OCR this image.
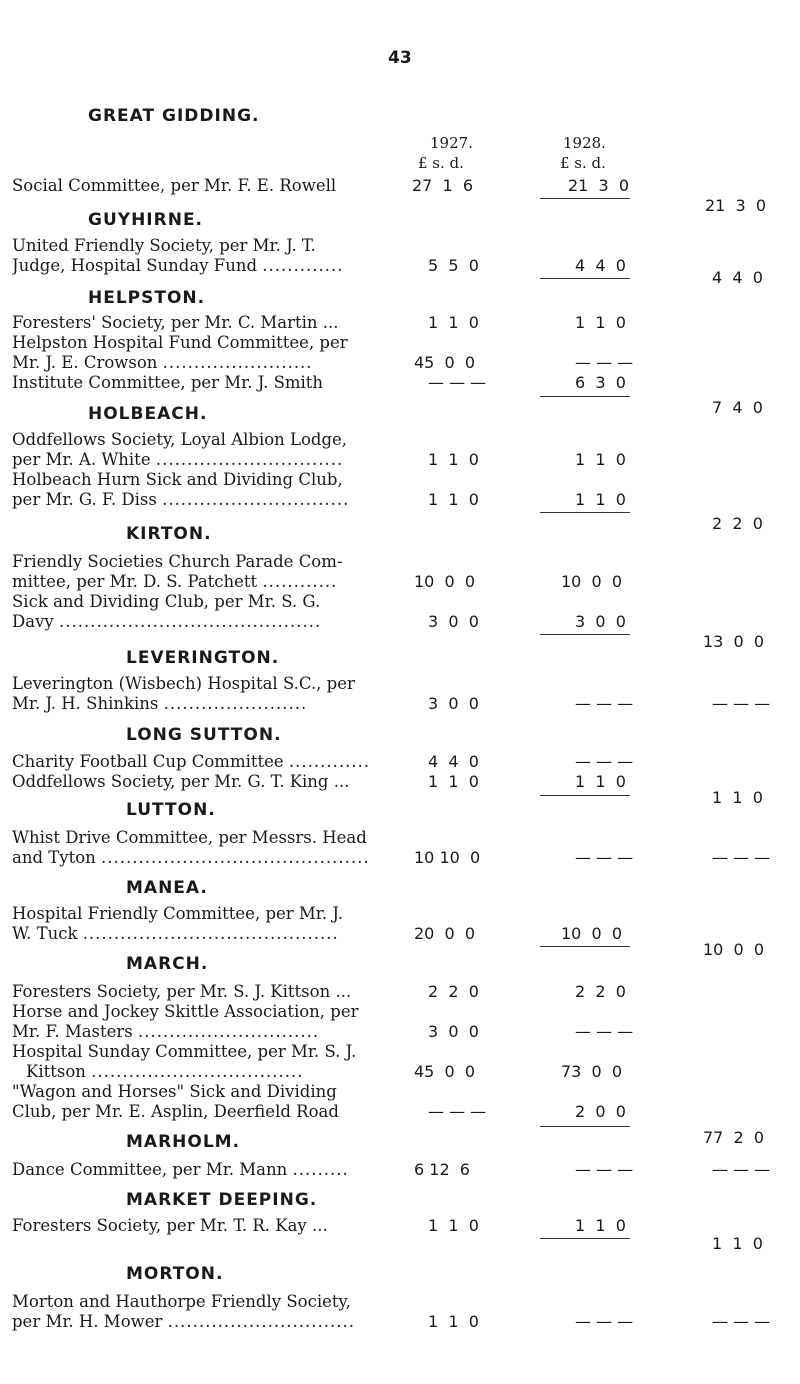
43
GREAT GIDDING.
1927.	1928.
£ s. d.	£ s. d.
Social Committee, per Mr. F. E. Rowell	27  1  6	21  3  0
21  3  0
GUYHIRNE.
United Friendly Society, per Mr. J. T.
Judge, Hospital Sunday Fund .............	5  5  0	4  4  0
4  4  0
HELPSTON.
Foresters' Society, per Mr. C. Martin ...	1  1  0	1  1  0
Helpston Hospital Fund Committee, per
Mr. J. E. Crowson ........................	45  0  0	— — —
Institute Committee, per Mr. J. Smith	— — —	6  3  0
7  4  0
HOLBEACH.
Oddfellows Society, Loyal Albion Lodge,
per Mr. A. White ..............................	1  1  0	1  1  0
Holbeach Hurn Sick and Dividing Club,
per Mr. G. F. Diss ..............................	1  1  0	1  1  0
2  2  0
KIRTON.
Friendly Societies Church Parade Com-
mittee, per Mr. D. S. Patchett ............	10  0  0	10  0  0
Sick and Dividing Club, per Mr. S. G.
Davy ..........................................	3  0  0	3  0  0
13  0  0
LEVERINGTON.
Leverington (Wisbech) Hospital S.C., per
Mr. J. H. Shinkins .......................	3  0  0	— — —	— — —
LONG SUTTON.
Charity Football Cup Committee .............	4  4  0	— — —
Oddfellows Society, per Mr. G. T. King ...	1  1  0	1  1  0
1  1  0
LUTTON.
Whist Drive Committee, per Messrs. Head
and Tyton ...........................................	10 10  0	— — —	— — —
MANEA.
Hospital Friendly Committee, per Mr. J.
W. Tuck .........................................	20  0  0	10  0  0
10  0  0
MARCH.
Foresters Society, per Mr. S. J. Kittson ...	2  2  0	2  2  0
Horse and Jockey Skittle Association, per
Mr. F. Masters .............................	3  0  0	— — —
Hospital Sunday Committee, per Mr. S. J.
Kittson ..................................	45  0  0	73  0  0
"Wagon and Horses" Sick and Dividing
Club, per Mr. E. Asplin, Deerfield Road	— — —	2  0  0
77  2  0
MARHOLM.
Dance Committee, per Mr. Mann .........	6 12  6	— — —	— — —
MARKET DEEPING.
Foresters Society, per Mr. T. R. Kay ...	1  1  0	1  1  0
1  1  0
MORTON.
Morton and Hauthorpe Friendly Society,
per Mr. H. Mower ..............................	1  1  0	— — —	— — —
